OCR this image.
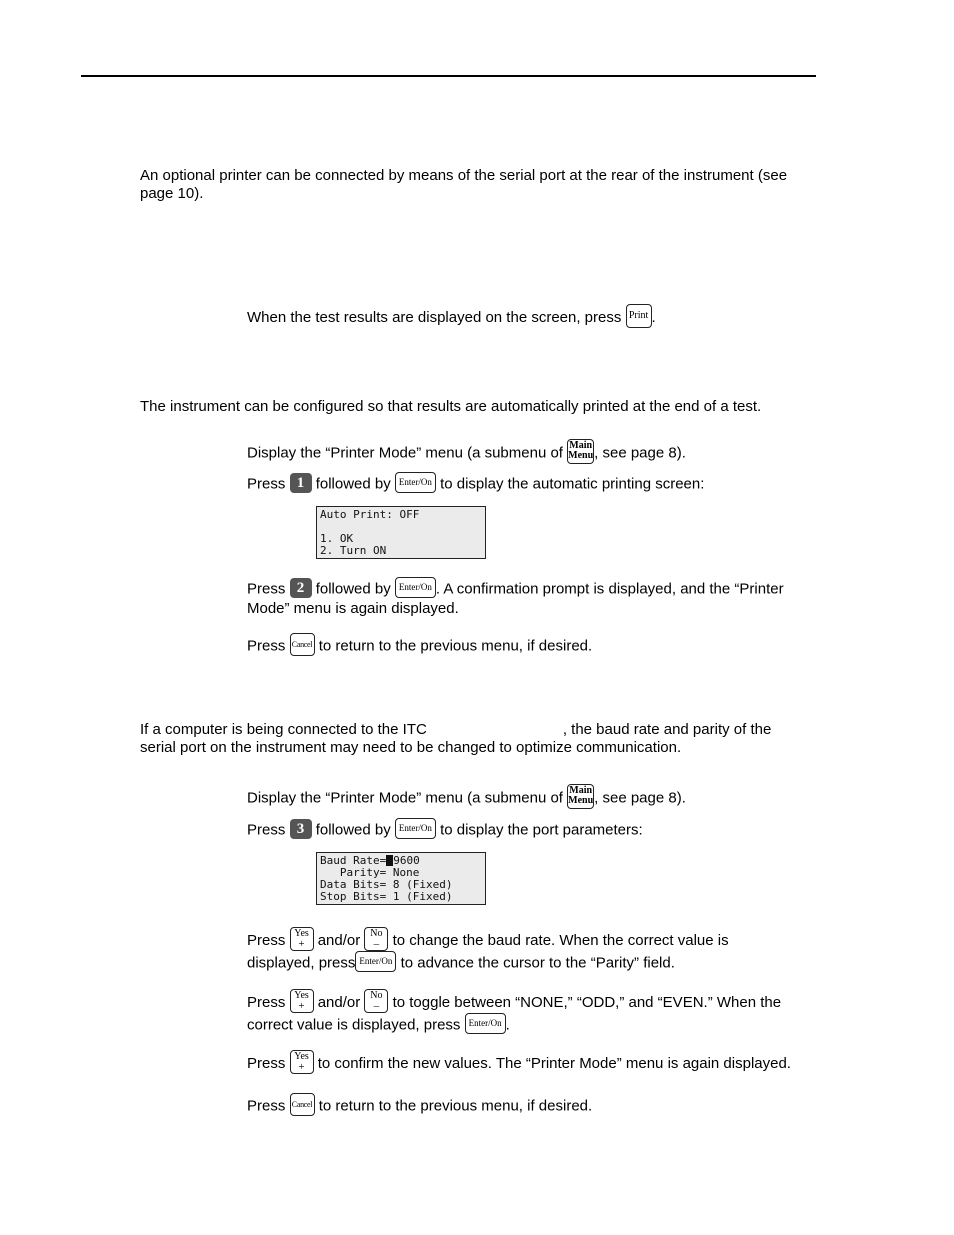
An optional printer can be connected by means of the serial port at the rear of the instrument (see
page 10).
When the test results are displayed on the screen, press Print .
The instrument can be configured so that results are automatically printed at the end of a test.
Display the “Printer Mode” menu (a submenu of Main
Menu, see page 8).
Press 1 followed by Enter/On to display the automatic printing screen:
Auto Print: OFF

1. OK
2. Turn ON
Press 2 followed by Enter/On . A confirmation prompt is displayed, and the “Printer
Mode” menu is again displayed.
Press Cancel to return to the previous menu, if desired.
If a computer is being connected to the ITC	, the baud rate and parity of the
serial port on the instrument may need to be changed to optimize communication.
Display the “Printer Mode” menu (a submenu of Main
Menu, see page 8).
Press 3 followed by Enter/On to display the port parameters:
Baud Rate= 9600
Parity= None
Data Bits= 8 (Fixed)
Stop Bits= 1 (Fixed)
Press Yes
+ and/or No
– to change the baud rate. When the correct value is
displayed, press Enter/On to advance the cursor to the “Parity” field.
Press Yes
+ and/or No
– to toggle between “NONE,” “ODD,” and “EVEN.” When the
correct value is displayed, press Enter/On .
Press Yes
+ to confirm the new values. The “Printer Mode” menu is again displayed.
Press Cancel to return to the previous menu, if desired.
